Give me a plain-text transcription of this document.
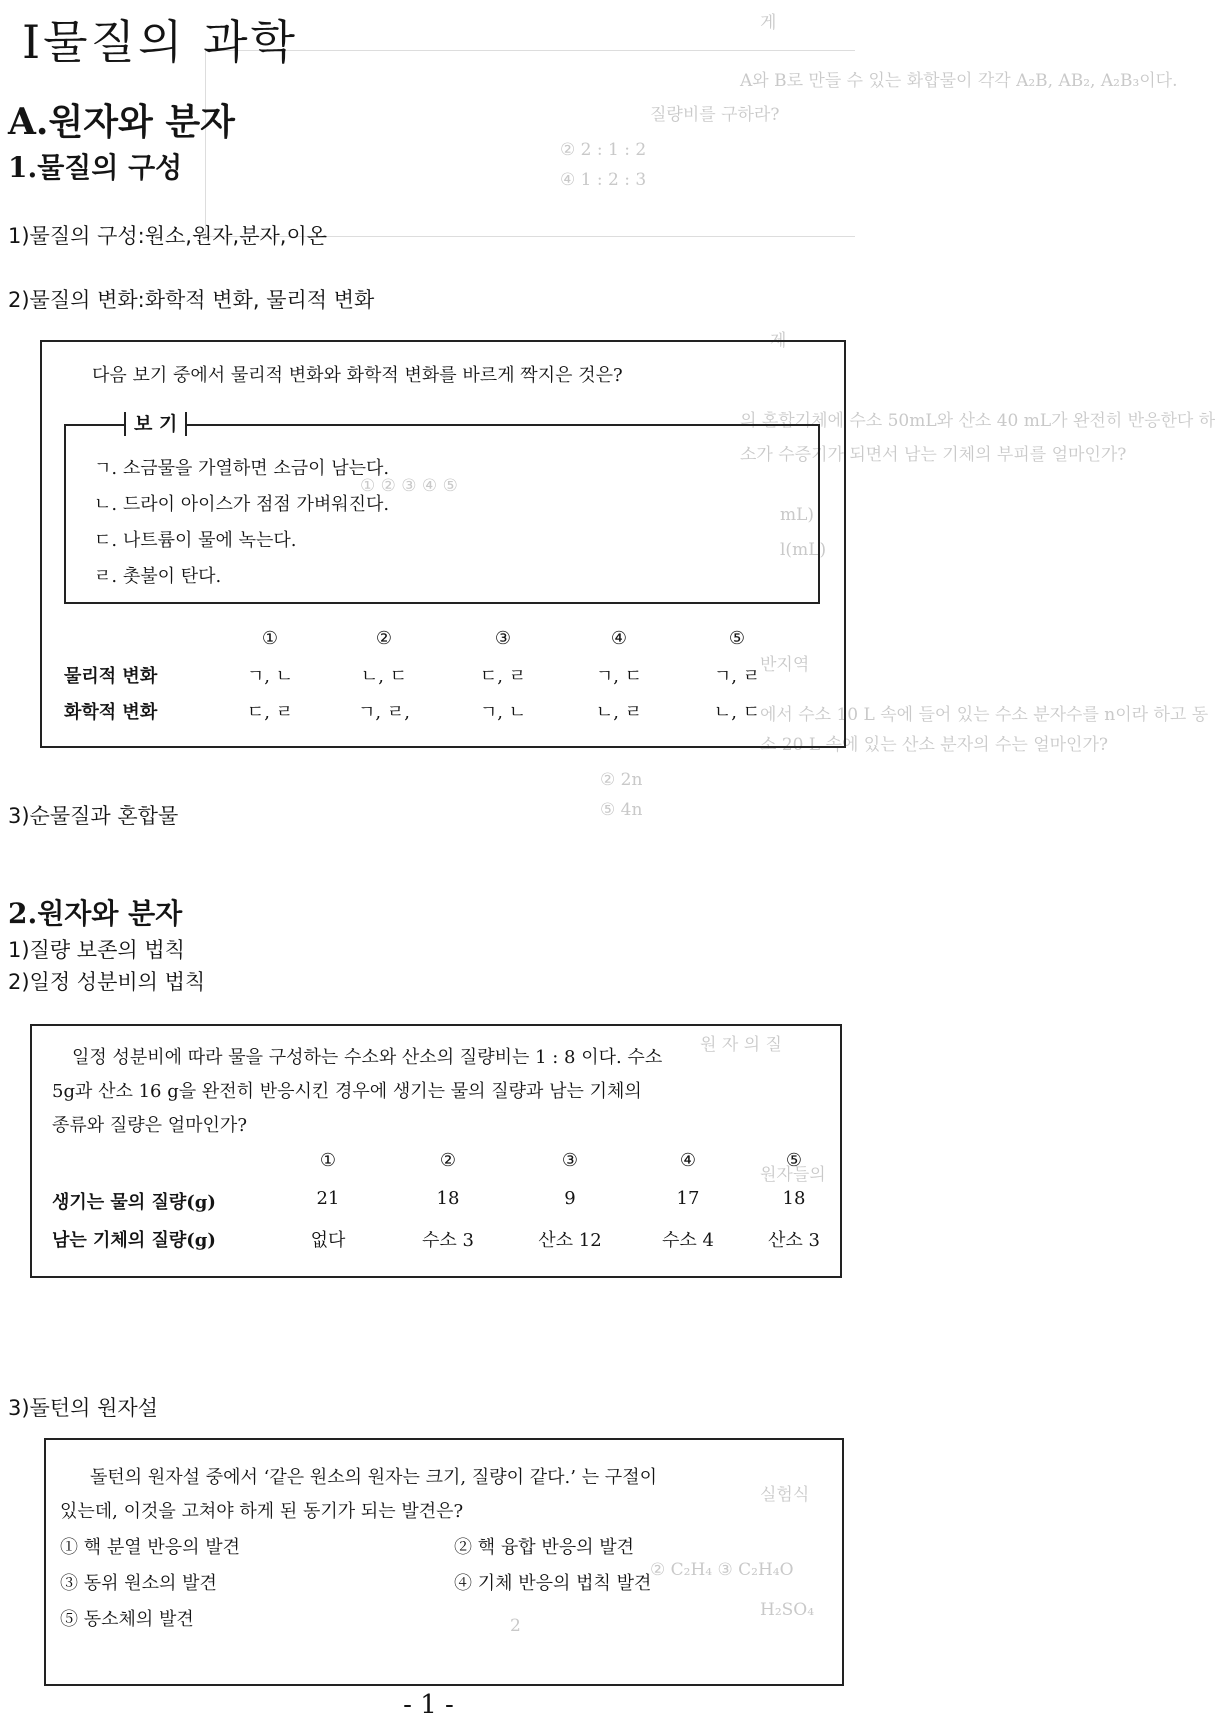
게
A와 B로 만들 수 있는 화합물이 각각 A₂B, AB₂, A₂B₃이다.
질량비를 구하라?
② 2 : 1 : 2
④ 1 : 2 : 3
제
의 혼합기체에 수소 50mL와 산소 40 mL가 완전히 반응한다 하
소가 수증기가 되면서 남는 기체의 부피를 얼마인가?
① ② ③ ④ ⑤
mL)
l(mL)
반지역
에서 수소 10 L 속에 들어 있는 수소 분자수를 n이라 하고 동
소 20 L 속에 있는 산소 분자의 수는 얼마인가?
② 2n
⑤ 4n
원 자 의 질
원자들의
실험식
② C₂H₄ ③ C₂H₄O
H₂SO₄
2
Ⅰ물질의 과학
A.원자와 분자
1.물질의 구성
1)물질의 구성:원소,원자,분자,이온
2)물질의 변화:화학적 변화, 물리적 변화
다음 보기 중에서 물리적 변화와 화학적 변화를 바르게 짝지은 것은?
보 기
ㄱ. 소금물을 가열하면 소금이 남는다.
ㄴ. 드라이 아이스가 점점 가벼워진다.
ㄷ. 나트륨이 물에 녹는다.
ㄹ. 촛불이 탄다.
①	②	③	④	⑤
물리적 변화	ㄱ, ㄴ	ㄴ, ㄷ	ㄷ, ㄹ	ㄱ, ㄷ	ㄱ, ㄹ
화학적 변화	ㄷ, ㄹ	ㄱ, ㄹ,	ㄱ, ㄴ	ㄴ, ㄹ	ㄴ, ㄷ
3)순물질과 혼합물
2.원자와 분자
1)질량 보존의 법칙
2)일정 성분비의 법칙
일정 성분비에 따라 물을 구성하는 수소와 산소의 질량비는 1 : 8 이다. 수소
5g과 산소 16 g을 완전히 반응시킨 경우에 생기는 물의 질량과 남는 기체의
종류와 질량은 얼마인가?
①	②	③	④	⑤
생기는 물의 질량(g)	21	18	9	17	18
남는 기체의 질량(g)	없다	수소 3	산소 12	수소 4	산소 3
3)돌턴의 원자설
돌턴의 원자설 중에서 ‘같은 원소의 원자는 크기, 질량이 같다.’ 는 구절이
있는데, 이것을 고쳐야 하게 된 동기가 되는 발견은?
① 핵 분열 반응의 발견	② 핵 융합 반응의 발견
③ 동위 원소의 발견	④ 기체 반응의 법칙 발견
⑤ 동소체의 발견
- 1 -
